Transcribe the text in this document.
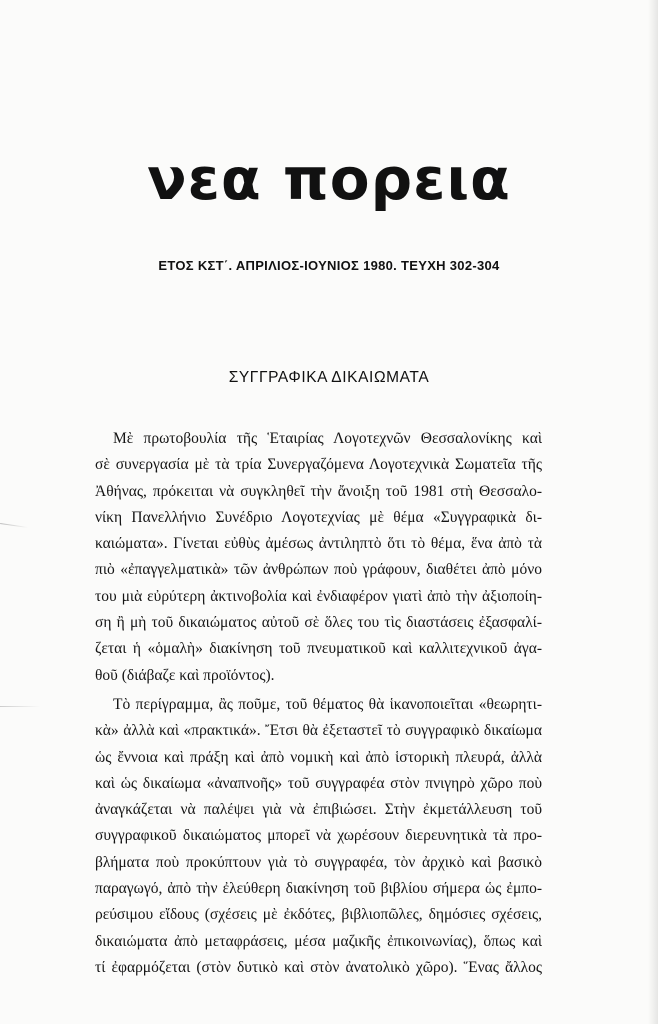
νεα πορεια
ΕΤΟΣ ΚΣΤ΄. ΑΠΡΙΛΙΟΣ-ΙΟΥΝΙΟΣ 1980. ΤΕΥΧΗ 302-304
ΣΥΓΓΡΑΦΙΚΑ ΔΙΚΑΙΩΜΑΤΑ
Μὲ πρωτοβουλία τῆς Ἑταιρίας Λογοτεχνῶν Θεσσαλονίκης καὶ
σὲ συνεργασία μὲ τὰ τρία Συνεργαζόμενα Λογοτεχνικὰ Σωματεῖα τῆς
Ἀθήνας, πρόκειται νὰ συγκληθεῖ τὴν ἄνοιξη τοῦ 1981 στὴ Θεσσαλο-
νίκη Πανελλήνιο Συνέδριο Λογοτεχνίας μὲ θέμα «Συγγραφικὰ δι-
καιώματα». Γίνεται εὐθὺς ἀμέσως ἀντιληπτὸ ὅτι τὸ θέμα, ἕνα ἀπὸ τὰ
πιὸ «ἐπαγγελματικὰ» τῶν ἀνθρώπων ποὺ γράφουν, διαθέτει ἀπὸ μόνο
του μιὰ εὐρύτερη ἀκτινοβολία καὶ ἐνδιαφέρον γιατὶ ἀπὸ τὴν ἀξιοποίη-
ση ἢ μὴ τοῦ δικαιώματος αὐτοῦ σὲ ὅλες του τὶς διαστάσεις ἐξασφαλί-
ζεται ἡ «ὁμαλὴ» διακίνηση τοῦ πνευματικοῦ καὶ καλλιτεχνικοῦ ἀγα-
θοῦ (διάβαζε καὶ προϊόντος).
Τὸ περίγραμμα, ἂς ποῦμε, τοῦ θέματος θὰ ἱκανοποιεῖται «θεωρητι-
κὰ» ἀλλὰ καὶ «πρακτικά». Ἔτσι θὰ ἐξεταστεῖ τὸ συγγραφικὸ δικαίωμα
ὡς ἔννοια καὶ πράξη καὶ ἀπὸ νομικὴ καὶ ἀπὸ ἱστορικὴ πλευρά, ἀλλὰ
καὶ ὡς δικαίωμα «ἀναπνοῆς» τοῦ συγγραφέα στὸν πνιγηρὸ χῶρο ποὺ
ἀναγκάζεται νὰ παλέψει γιὰ νὰ ἐπιβιώσει. Στὴν ἐκμετάλλευση τοῦ
συγγραφικοῦ δικαιώματος μπορεῖ νὰ χωρέσουν διερευνητικὰ τὰ προ-
βλήματα ποὺ προκύπτουν γιὰ τὸ συγγραφέα, τὸν ἀρχικὸ καὶ βασικὸ
παραγωγό, ἀπὸ τὴν ἐλεύθερη διακίνηση τοῦ βιβλίου σήμερα ὡς ἐμπο-
ρεύσιμου εἴδους (σχέσεις μὲ ἐκδότες, βιβλιοπῶλες, δημόσιες σχέσεις,
δικαιώματα ἀπὸ μεταφράσεις, μέσα μαζικῆς ἐπικοινωνίας), ὅπως καὶ
τί ἐφαρμόζεται (στὸν δυτικὸ καὶ στὸν ἀνατολικὸ χῶρο). Ἕνας ἄλλος
